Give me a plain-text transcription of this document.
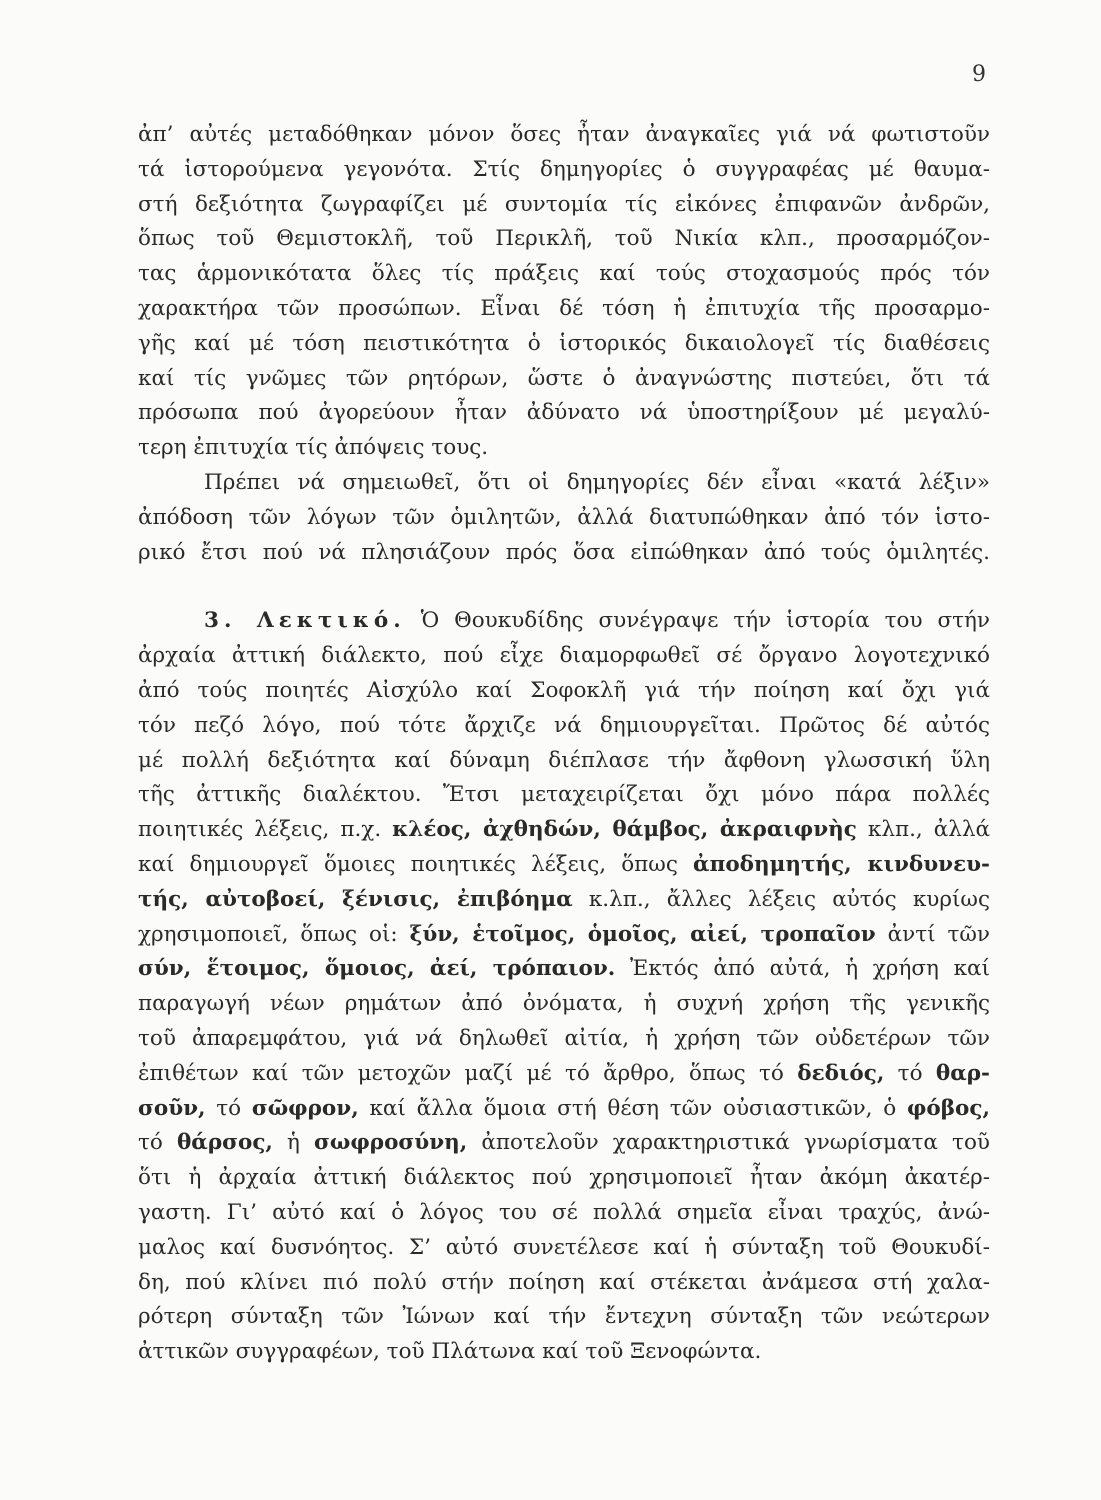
9
ἀπ’ αὐτές μεταδόθηκαν μόνον ὅσες ἦταν ἀναγκαῖες γιά νά φωτιστοῦν
τά ἱστορούμενα γεγονότα. Στίς δημηγορίες ὁ συγγραφέας μέ θαυμα-
στή δεξιότητα ζωγραφίζει μέ συντομία τίς εἰκόνες ἐπιφανῶν ἀνδρῶν,
ὅπως τοῦ Θεμιστοκλῆ, τοῦ Περικλῆ, τοῦ Νικία κλπ., προσαρμόζον-
τας ἁρμονικότατα ὅλες τίς πράξεις καί τούς στοχασμούς πρός τόν
χαρακτήρα τῶν προσώπων. Εἶναι δέ τόση ἡ ἐπιτυχία τῆς προσαρμο-
γῆς καί μέ τόση πειστικότητα ὁ ἱστορικός δικαιολογεῖ τίς διαθέσεις
καί τίς γνῶμες τῶν ρητόρων, ὥστε ὁ ἀναγνώστης πιστεύει, ὅτι τά
πρόσωπα πού ἀγορεύουν ἦταν ἀδύνατο νά ὑποστηρίξουν μέ μεγαλύ-
τερη ἐπιτυχία τίς ἀπόψεις τους.
Πρέπει νά σημειωθεῖ, ὅτι οἱ δημηγορίες δέν εἶναι «κατά λέξιν»
ἀπόδοση τῶν λόγων τῶν ὁμιλητῶν, ἀλλά διατυπώθηκαν ἀπό τόν ἱστο-
ρικό ἔτσι πού νά πλησιάζουν πρός ὅσα εἰπώθηκαν ἀπό τούς ὁμιλητές.
3. Λεκτικό. Ὁ Θουκυδίδης συνέγραψε τήν ἱστορία του στήν
ἀρχαία ἀττική διάλεκτο, πού εἶχε διαμορφωθεῖ σέ ὄργανο λογοτεχνικό
ἀπό τούς ποιητές Αἰσχύλο καί Σοφοκλῆ γιά τήν ποίηση καί ὄχι γιά
τόν πεζό λόγο, πού τότε ἄρχιζε νά δημιουργεῖται. Πρῶτος δέ αὐτός
μέ πολλή δεξιότητα καί δύναμη διέπλασε τήν ἄφθονη γλωσσική ὕλη
τῆς ἀττικῆς διαλέκτου. Ἔτσι μεταχειρίζεται ὄχι μόνο πάρα πολλές
ποιητικές λέξεις, π.χ. κλέος, ἀχθηδών, θάμβος, ἀκραιφνὴς κλπ., ἀλλά
καί δημιουργεῖ ὅμοιες ποιητικές λέξεις, ὅπως ἀποδημητής, κινδυνευ-
τής, αὐτοβοεί, ξένισις, ἐπιβόημα κ.λπ., ἄλλες λέξεις αὐτός κυρίως
χρησιμοποιεῖ, ὅπως οἱ: ξύν, ἑτοῖμος, ὁμοῖος, αἰεί, τροπαῖον ἀντί τῶν
σύν, ἕτοιμος, ὅμοιος, ἀεί, τρόπαιον. Ἐκτός ἀπό αὐτά, ἡ χρήση καί
παραγωγή νέων ρημάτων ἀπό ὀνόματα, ἡ συχνή χρήση τῆς γενικῆς
τοῦ ἀπαρεμφάτου, γιά νά δηλωθεῖ αἰτία, ἡ χρήση τῶν οὐδετέρων τῶν
ἐπιθέτων καί τῶν μετοχῶν μαζί μέ τό ἄρθρο, ὅπως τό δεδιός, τό θαρ-
σοῦν, τό σῶφρον, καί ἄλλα ὅμοια στή θέση τῶν οὐσιαστικῶν, ὁ φόβος,
τό θάρσος, ἡ σωφροσύνη, ἀποτελοῦν χαρακτηριστικά γνωρίσματα τοῦ
ὅτι ἡ ἀρχαία ἀττική διάλεκτος πού χρησιμοποιεῖ ἦταν ἀκόμη ἀκατέρ-
γαστη. Γι’ αὐτό καί ὁ λόγος του σέ πολλά σημεῖα εἶναι τραχύς, ἀνώ-
μαλος καί δυσνόητος. Σ’ αὐτό συνετέλεσε καί ἡ σύνταξη τοῦ Θουκυδί-
δη, πού κλίνει πιό πολύ στήν ποίηση καί στέκεται ἀνάμεσα στή χαλα-
ρότερη σύνταξη τῶν Ἰώνων καί τήν ἔντεχνη σύνταξη τῶν νεώτερων
ἀττικῶν συγγραφέων, τοῦ Πλάτωνα καί τοῦ Ξενοφώντα.
